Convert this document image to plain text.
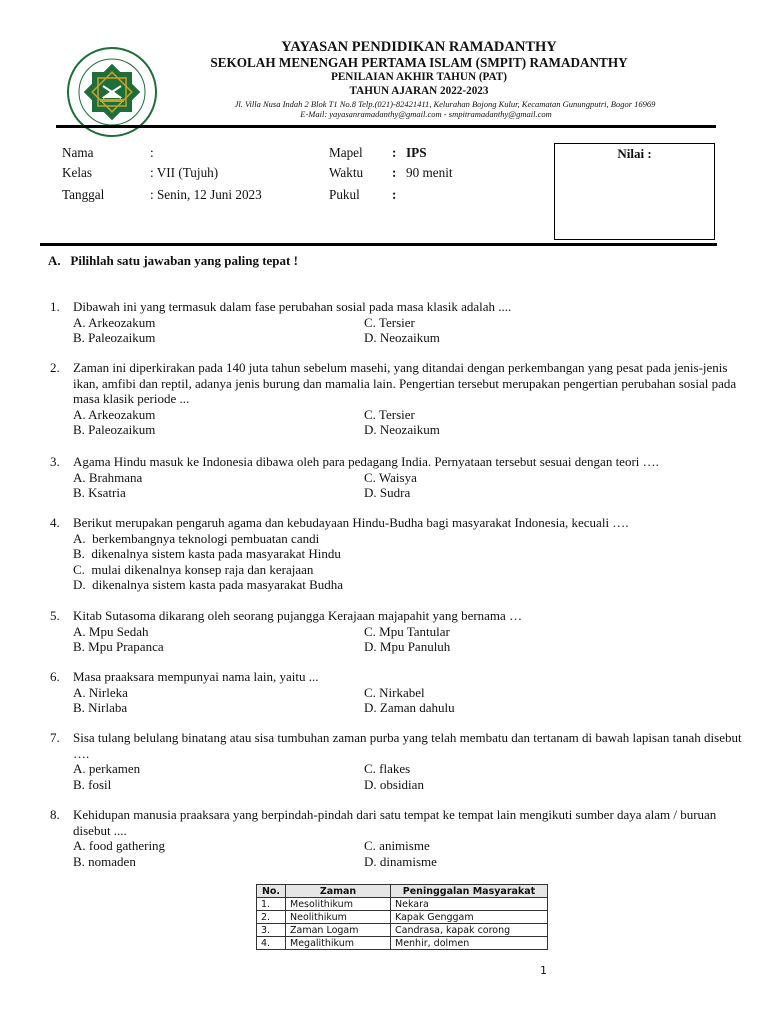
YAYASAN PENDIDIKAN RAMADANTHY
SEKOLAH MENENGAH PERTAMA ISLAM (SMPIT) RAMADANTHY
PENILAIAN AKHIR TAHUN (PAT)
TAHUN AJARAN 2022-2023
Jl. Villa Nusa Indah 2 Blok T1 No.8 Telp.(021)-82421411, Kelurahan Bojong Kulur, Kecamatan Gunungputri, Bogor 16969
E-Mail: yayasanramadanthy@gmail.com - smpitramadanthy@gmail.com
Nama	:
Kelas	: VII (Tujuh)
Tanggal	: Senin, 12 Juni 2023
Mapel : IPS
Waktu : 90 menit
Pukul :
Nilai :
A.   Pilihlah satu jawaban yang paling tepat !
1.	Dibawah ini yang termasuk dalam fase perubahan sosial pada masa klasik adalah ....
A. Arkeozakum	C. Tersier
B. Paleozaikum	D. Neozaikum
2.	Zaman ini diperkirakan pada 140 juta tahun sebelum masehi, yang ditandai dengan perkembangan yang pesat pada jenis-jenis ikan, amfibi dan reptil, adanya jenis burung dan mamalia lain. Pengertian tersebut merupakan pengertian perubahan sosial pada masa klasik periode ...
A. Arkeozakum	C. Tersier
B. Paleozaikum	D. Neozaikum
3.	Agama Hindu masuk ke Indonesia dibawa oleh para pedagang India. Pernyataan tersebut sesuai dengan teori ….
A. Brahmana	C. Waisya
B. Ksatria	D. Sudra
4.	Berikut merupakan pengaruh agama dan kebudayaan Hindu-Budha bagi masyarakat Indonesia, kecuali ….
A.  berkembangnya teknologi pembuatan candi
B.  dikenalnya sistem kasta pada masyarakat Hindu
C.  mulai dikenalnya konsep raja dan kerajaan
D.  dikenalnya sistem kasta pada masyarakat Budha
5.	Kitab Sutasoma dikarang oleh seorang pujangga Kerajaan majapahit yang bernama …
A. Mpu Sedah	C. Mpu Tantular
B. Mpu Prapanca	D. Mpu Panuluh
6.	Masa praaksara mempunyai nama lain, yaitu ...
A. Nirleka	C. Nirkabel
B. Nirlaba	D. Zaman dahulu
7.	Sisa tulang belulang binatang atau sisa tumbuhan zaman purba yang telah membatu dan tertanam di bawah lapisan tanah disebut ….
A. perkamen	C. flakes
B. fosil	D. obsidian
8.	Kehidupan manusia praaksara yang berpindah-pindah dari satu tempat ke tempat lain mengikuti sumber daya alam / buruan disebut ....
A. food gathering	C. animisme
B. nomaden	D. dinamisme
No.	Zaman	Peninggalan Masyarakat
1.	Mesolithikum	Nekara
2.	Neolithikum	Kapak Genggam
3.	Zaman Logam	Candrasa, kapak corong
4.	Megalithikum	Menhir, dolmen
1
